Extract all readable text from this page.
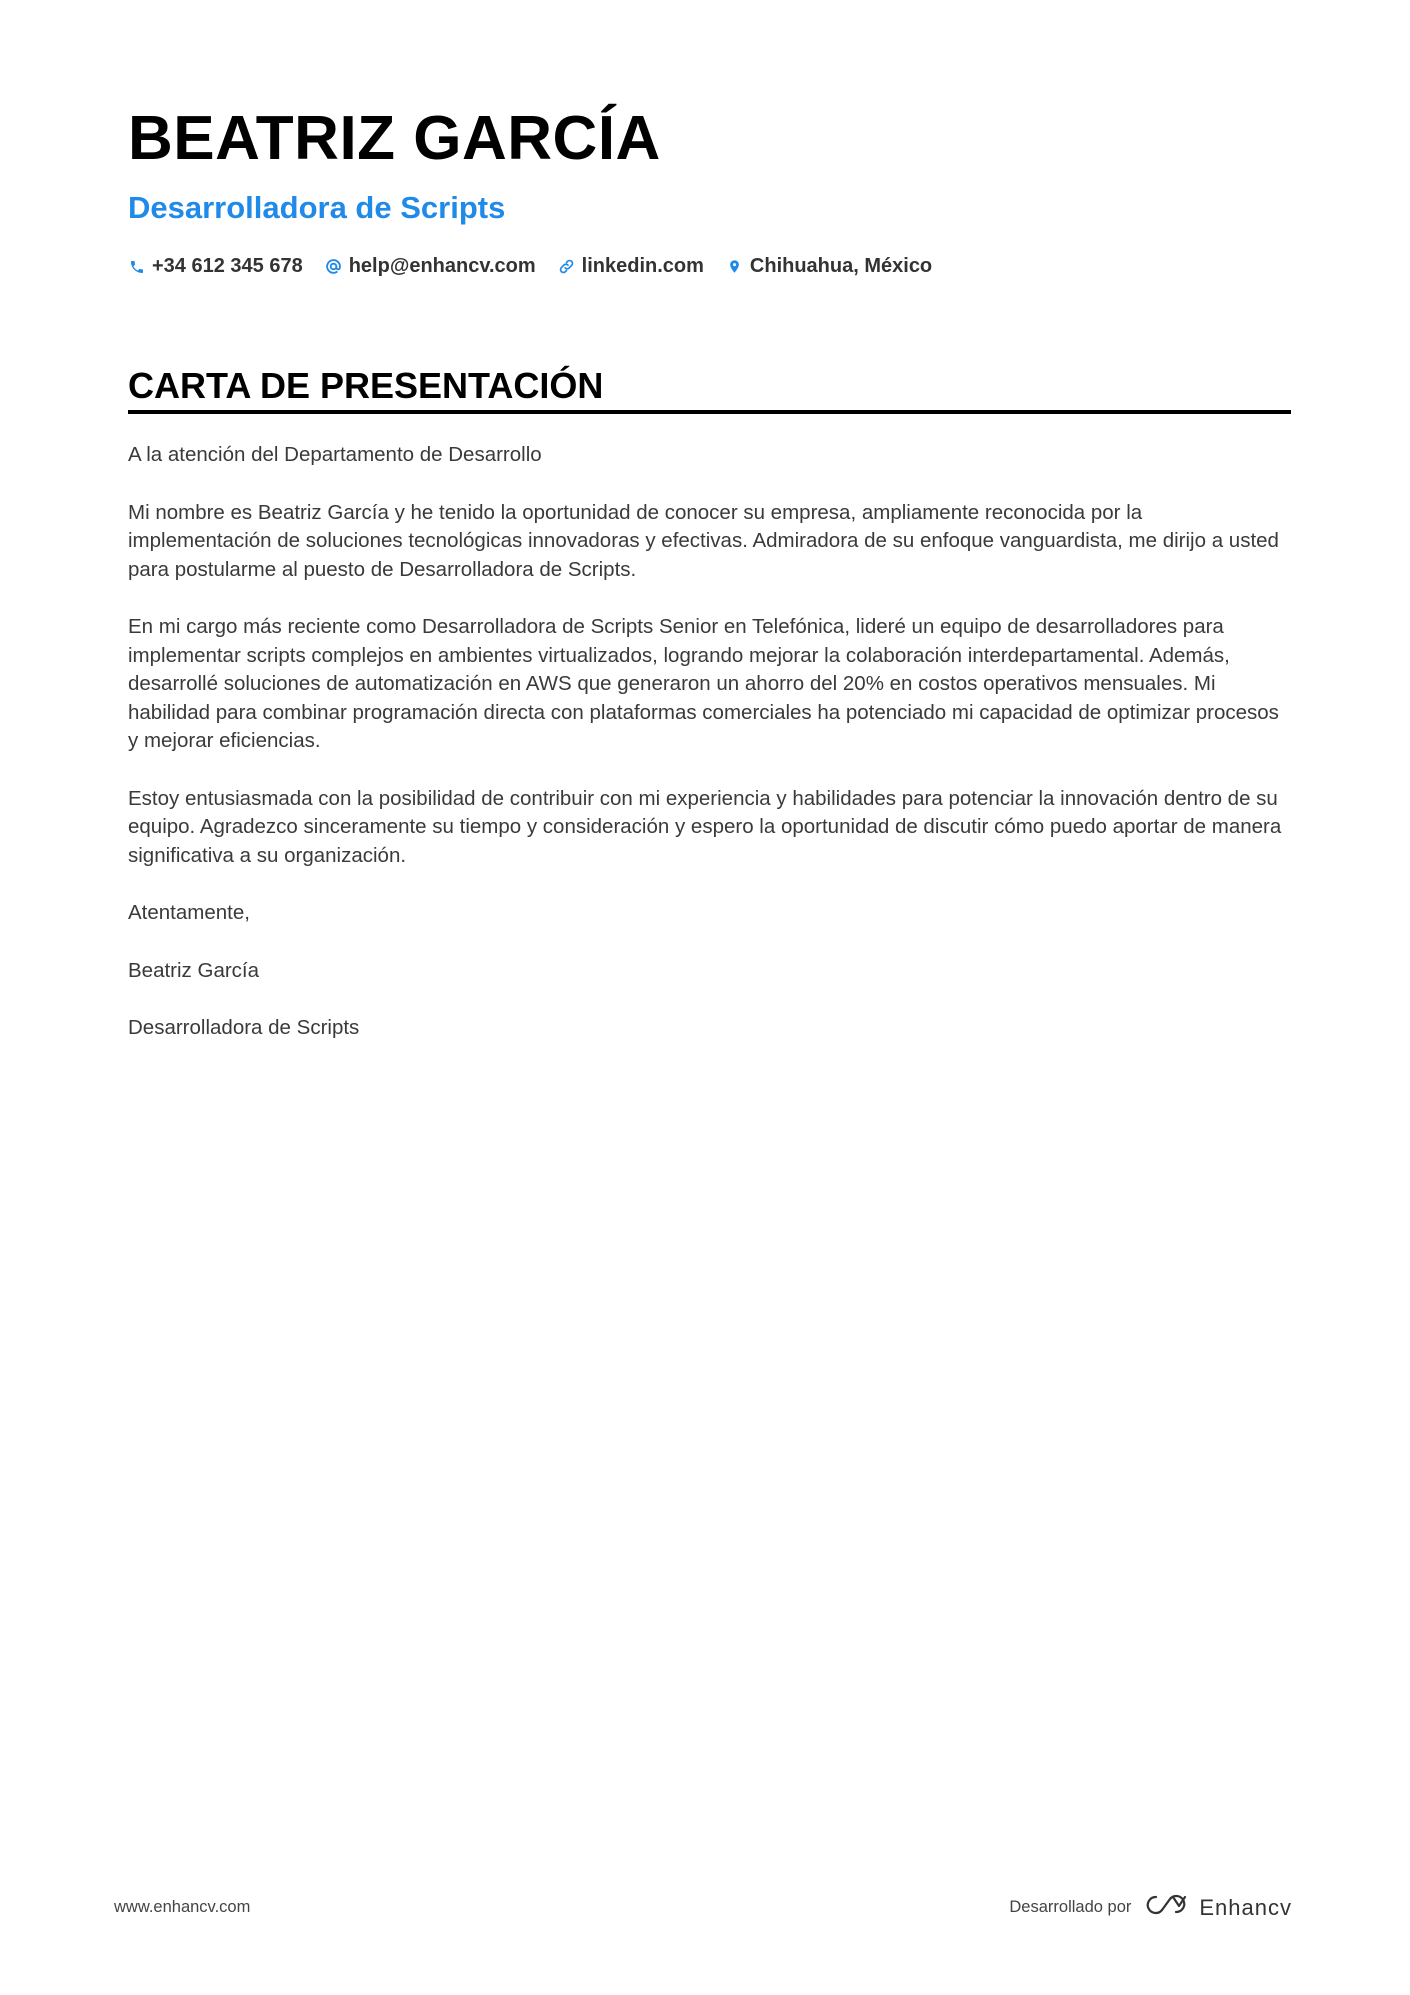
BEATRIZ GARCÍA
Desarrolladora de Scripts
+34 612 345 678 help@enhancv.com linkedin.com Chihuahua, México
CARTA DE PRESENTACIÓN

A la atención del Departamento de Desarrollo

Mi nombre es Beatriz García y he tenido la oportunidad de conocer su empresa, ampliamente reconocida por la implementación de soluciones tecnológicas innovadoras y efectivas. Admiradora de su enfoque vanguardista, me dirijo a usted para postularme al puesto de Desarrolladora de Scripts.

En mi cargo más reciente como Desarrolladora de Scripts Senior en Telefónica, lideré un equipo de desarrolladores para implementar scripts complejos en ambientes virtualizados, logrando mejorar la colaboración interdepartamental. Además, desarrollé soluciones de automatización en AWS que generaron un ahorro del 20% en costos operativos mensuales. Mi habilidad para combinar programación directa con plataformas comerciales ha potenciado mi capacidad de optimizar procesos y mejorar eficiencias.

Estoy entusiasmada con la posibilidad de contribuir con mi experiencia y habilidades para potenciar la innovación dentro de su equipo. Agradezco sinceramente su tiempo y consideración y espero la oportunidad de discutir cómo puedo aportar de manera significativa a su organización.

Atentamente,

Beatriz García

Desarrolladora de Scripts

www.enhancv.com	Desarrollado por	Enhancv
